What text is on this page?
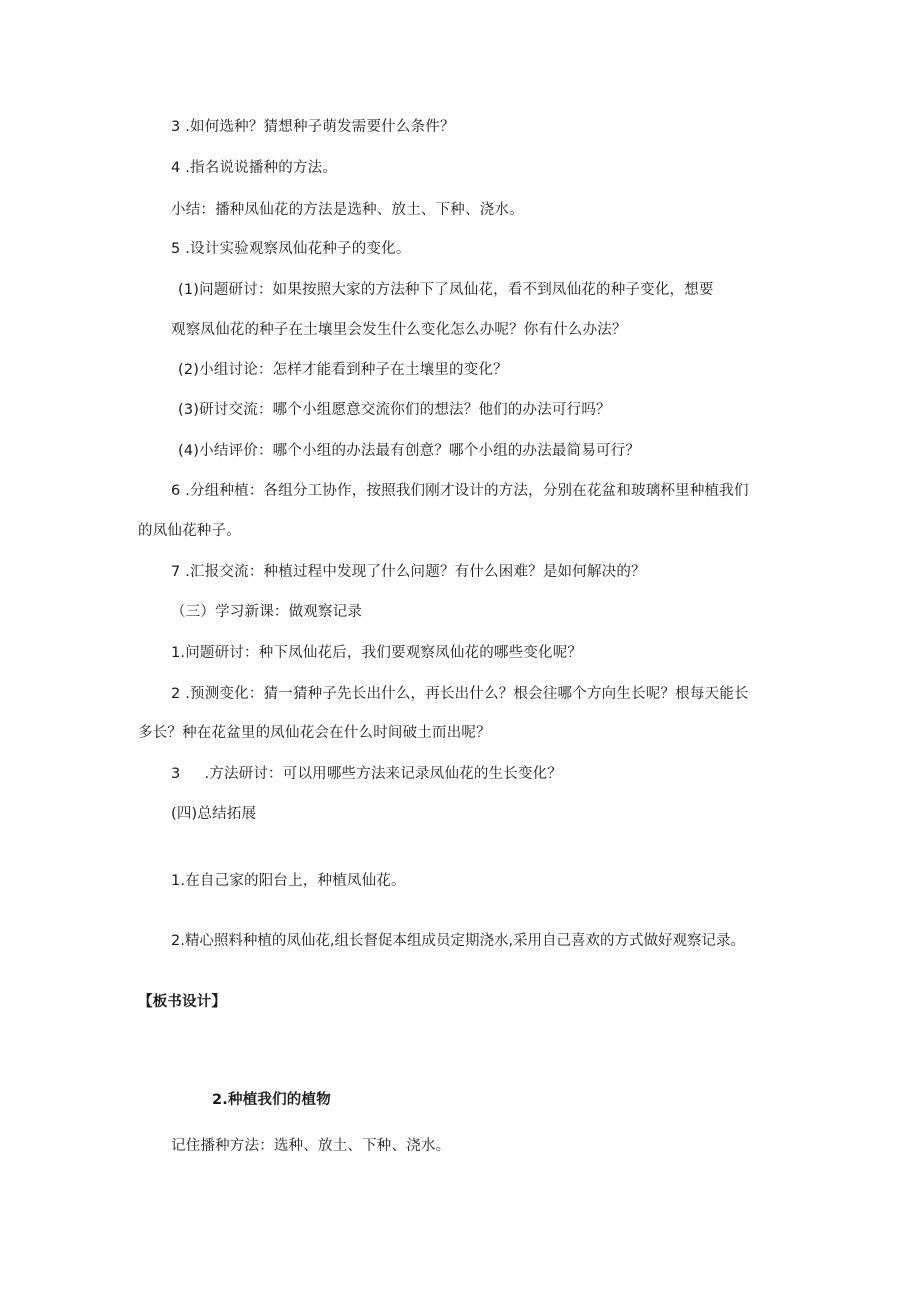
3 .如何选种？猜想种子萌发需要什么条件？
4 .指名说说播种的方法。
小结：播种凤仙花的方法是选种、放土、下种、浇水。
5 .设计实验观察凤仙花种子的变化。
(1)问题研讨：如果按照大家的方法种下了凤仙花，看不到凤仙花的种子变化，想要
观察凤仙花的种子在土壤里会发生什么变化怎么办呢？你有什么办法？
(2)小组讨论：怎样才能看到种子在土壤里的变化？
(3)研讨交流：哪个小组愿意交流你们的想法？他们的办法可行吗？
(4)小结评价：哪个小组的办法最有创意？哪个小组的办法最简易可行？
6 .分组种植：各组分工协作，按照我们刚才设计的方法，分别在花盆和玻璃杯里种植我们
的凤仙花种子。
7 .汇报交流：种植过程中发现了什么问题？有什么困难？是如何解决的？
（三）学习新课：做观察记录
1.问题研讨：种下凤仙花后，我们要观察凤仙花的哪些变化呢？
2 .预测变化：猜一猜种子先长出什么，再长出什么？根会往哪个方向生长呢？根每天能长
多长？种在花盆里的凤仙花会在什么时间破土而出呢？
3 .方法研讨：可以用哪些方法来记录凤仙花的生长变化？
(四)总结拓展
1.在自己家的阳台上，种植凤仙花。
2.精心照料种植的凤仙花,组长督促本组成员定期浇水,采用自己喜欢的方式做好观察记录。
【板书设计】
2.种植我们的植物
记住播种方法：选种、放土、下种、浇水。
